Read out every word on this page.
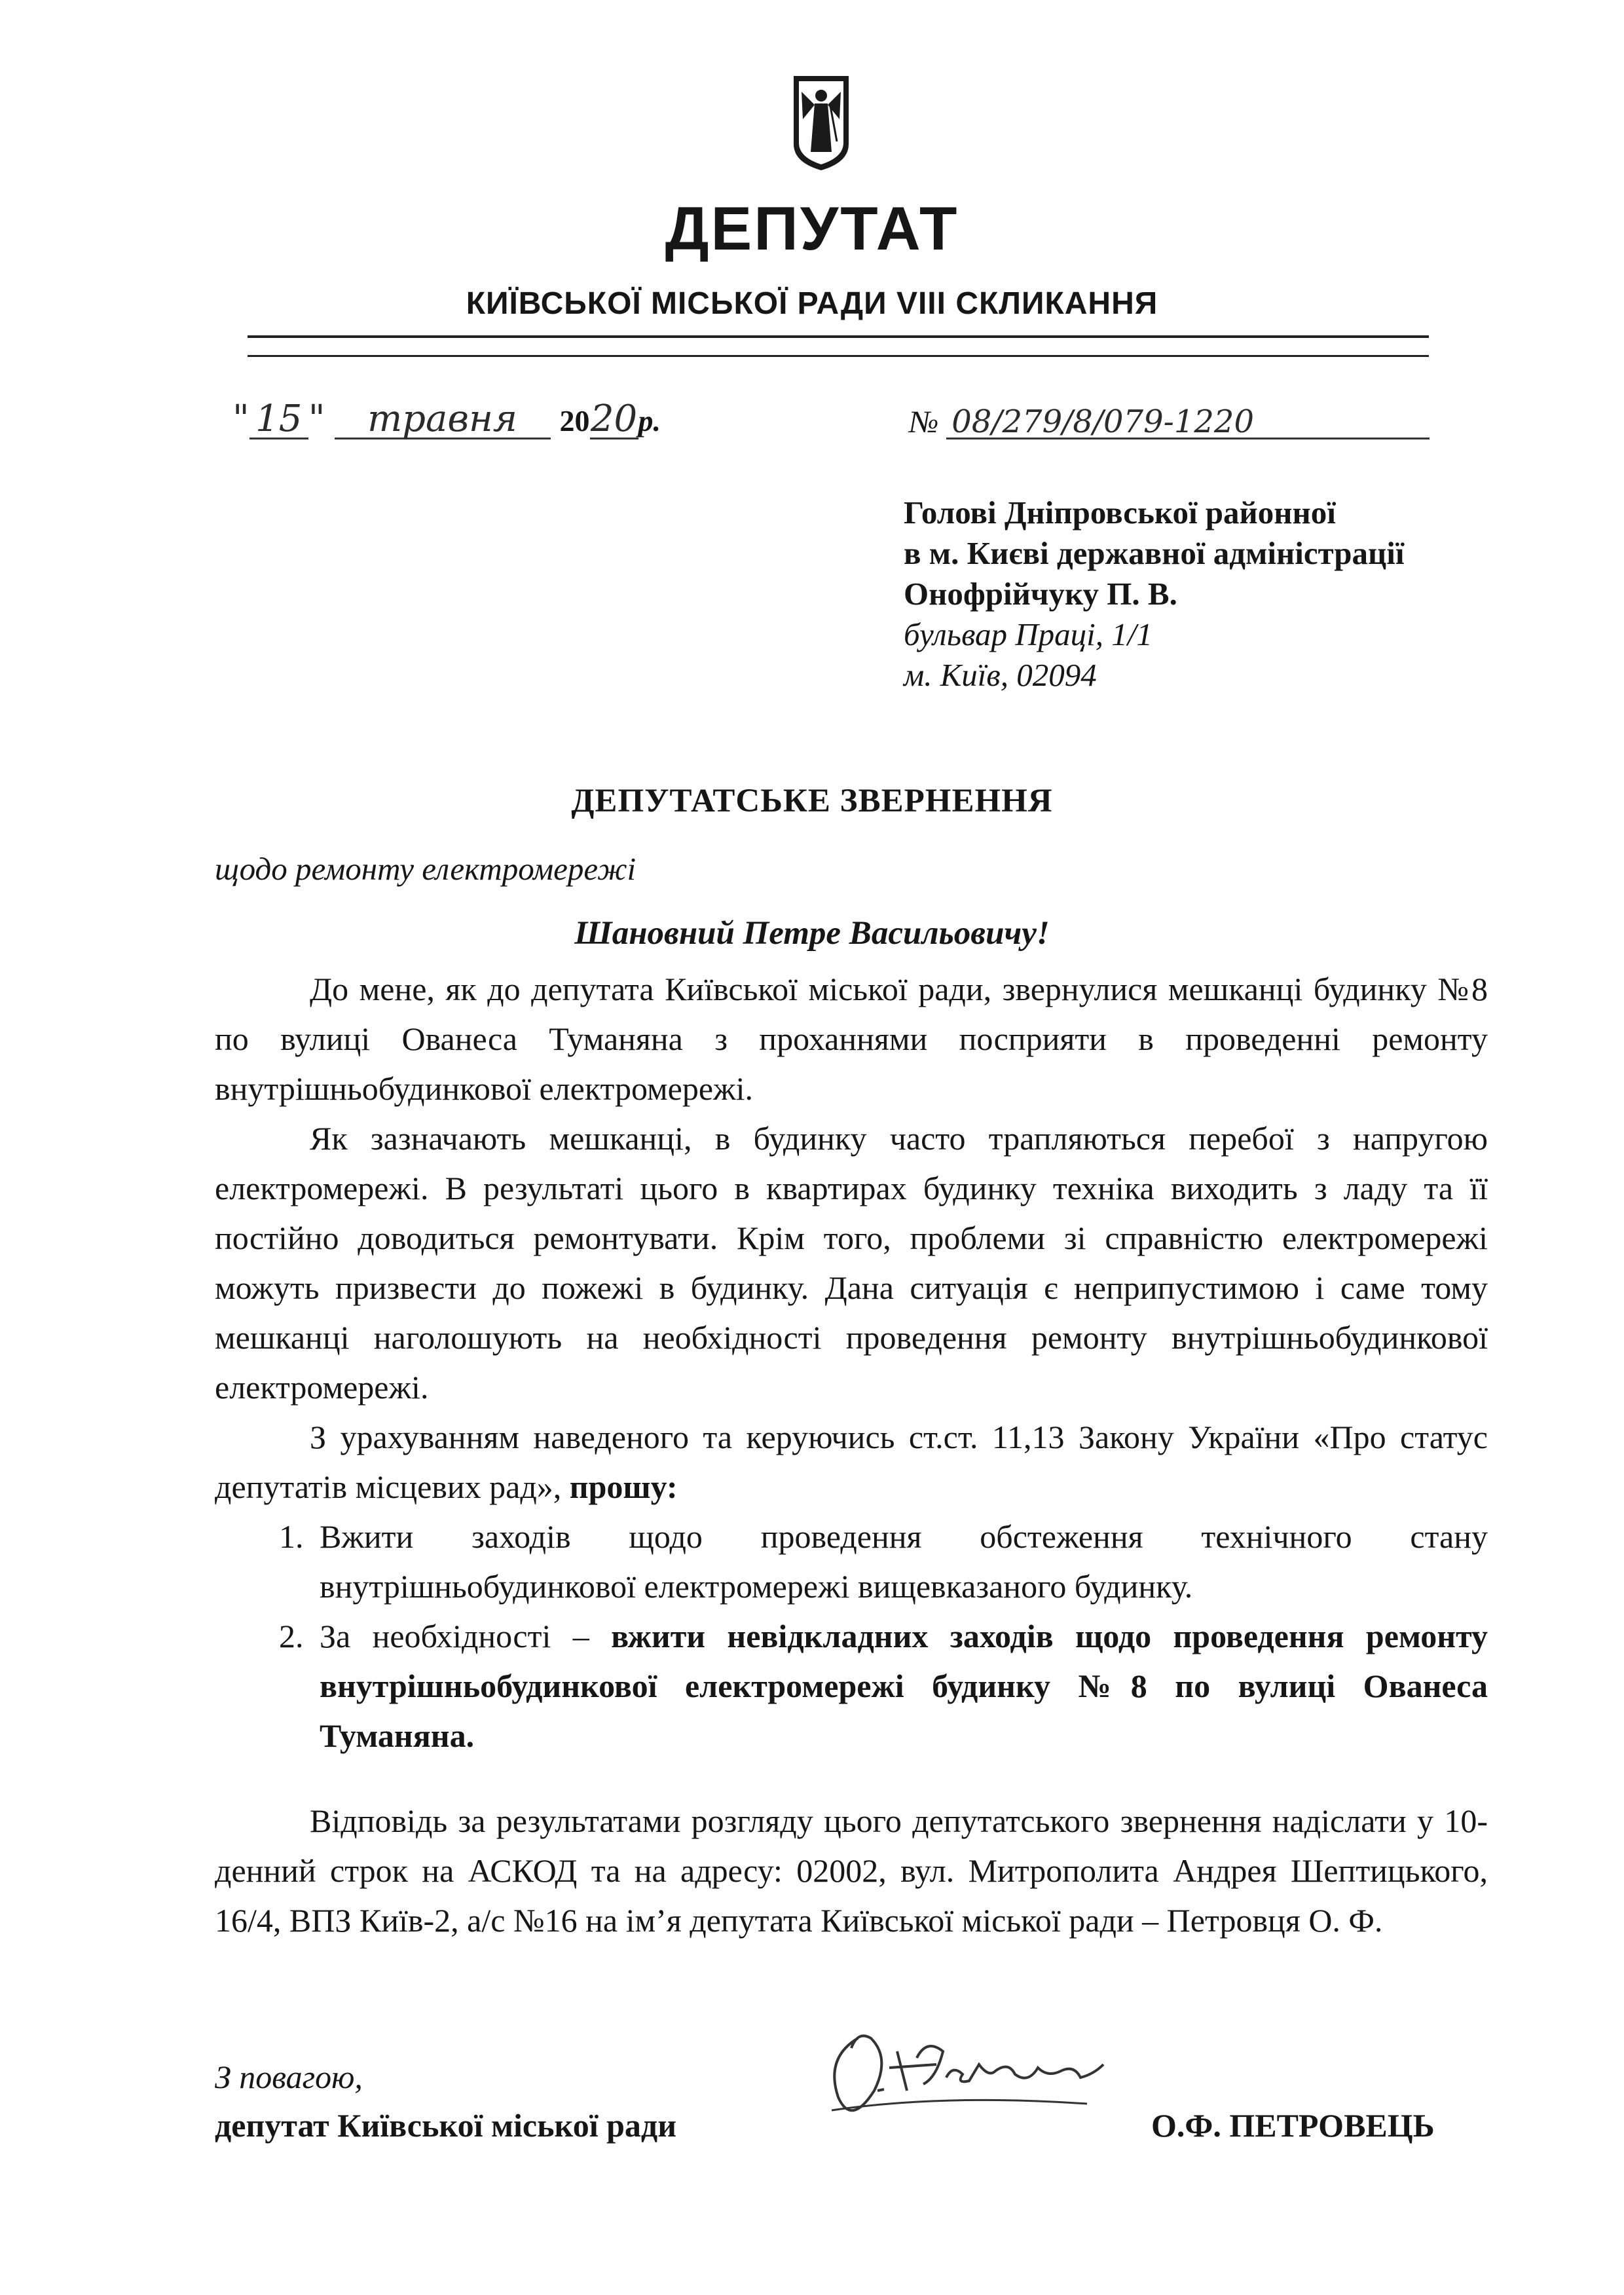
ДЕПУТАТ
КИЇВСЬКОЇ МІСЬКОЇ РАДИ VIII СКЛИКАННЯ
" 15 " травня 2020р.	№ 08/279/8/079-1220
Голові Дніпровської районної
в м. Києві державної адміністрації
Онофрійчуку П. В.
бульвар Праці, 1/1
м. Київ, 02094
ДЕПУТАТСЬКЕ ЗВЕРНЕННЯ
щодо ремонту електромережі
Шановний Петре Васильовичу!

До мене, як до депутата Київської міської ради, звернулися мешканці будинку №8 по вулиці Ованеса Туманяна з проханнями посприяти в проведенні ремонту внутрішньобудинкової електромережі.

Як зазначають мешканці, в будинку часто трапляються перебої з напругою електромережі. В результаті цього в квартирах будинку техніка виходить з ладу та її постійно доводиться ремонтувати. Крім того, проблеми зі справністю електромережі можуть призвести до пожежі в будинку. Дана ситуація є неприпустимою і саме тому мешканці наголошують на необхідності проведення ремонту внутрішньобудинкової електромережі.

З урахуванням наведеного та керуючись ст.ст. 11,13 Закону України «Про статус депутатів місцевих рад», прошу:

1. Вжити заходів щодо проведення обстеження технічного стану внутрішньобудинкової електромережі вищевказаного будинку.
2. За необхідності – вжити невідкладних заходів щодо проведення ремонту внутрішньобудинкової електромережі будинку №8 по вулиці Ованеса Туманяна.

Відповідь за результатами розгляду цього депутатського звернення надіслати у 10-денний строк на АСКОД та на адресу: 02002, вул. Митрополита Андрея Шептицького, 16/4, ВПЗ Київ-2, а/с №16 на ім’я депутата Київської міської ради – Петровця О. Ф.

З повагою,
депутат Київської міської ради	О.Ф. ПЕТРОВЕЦЬ
